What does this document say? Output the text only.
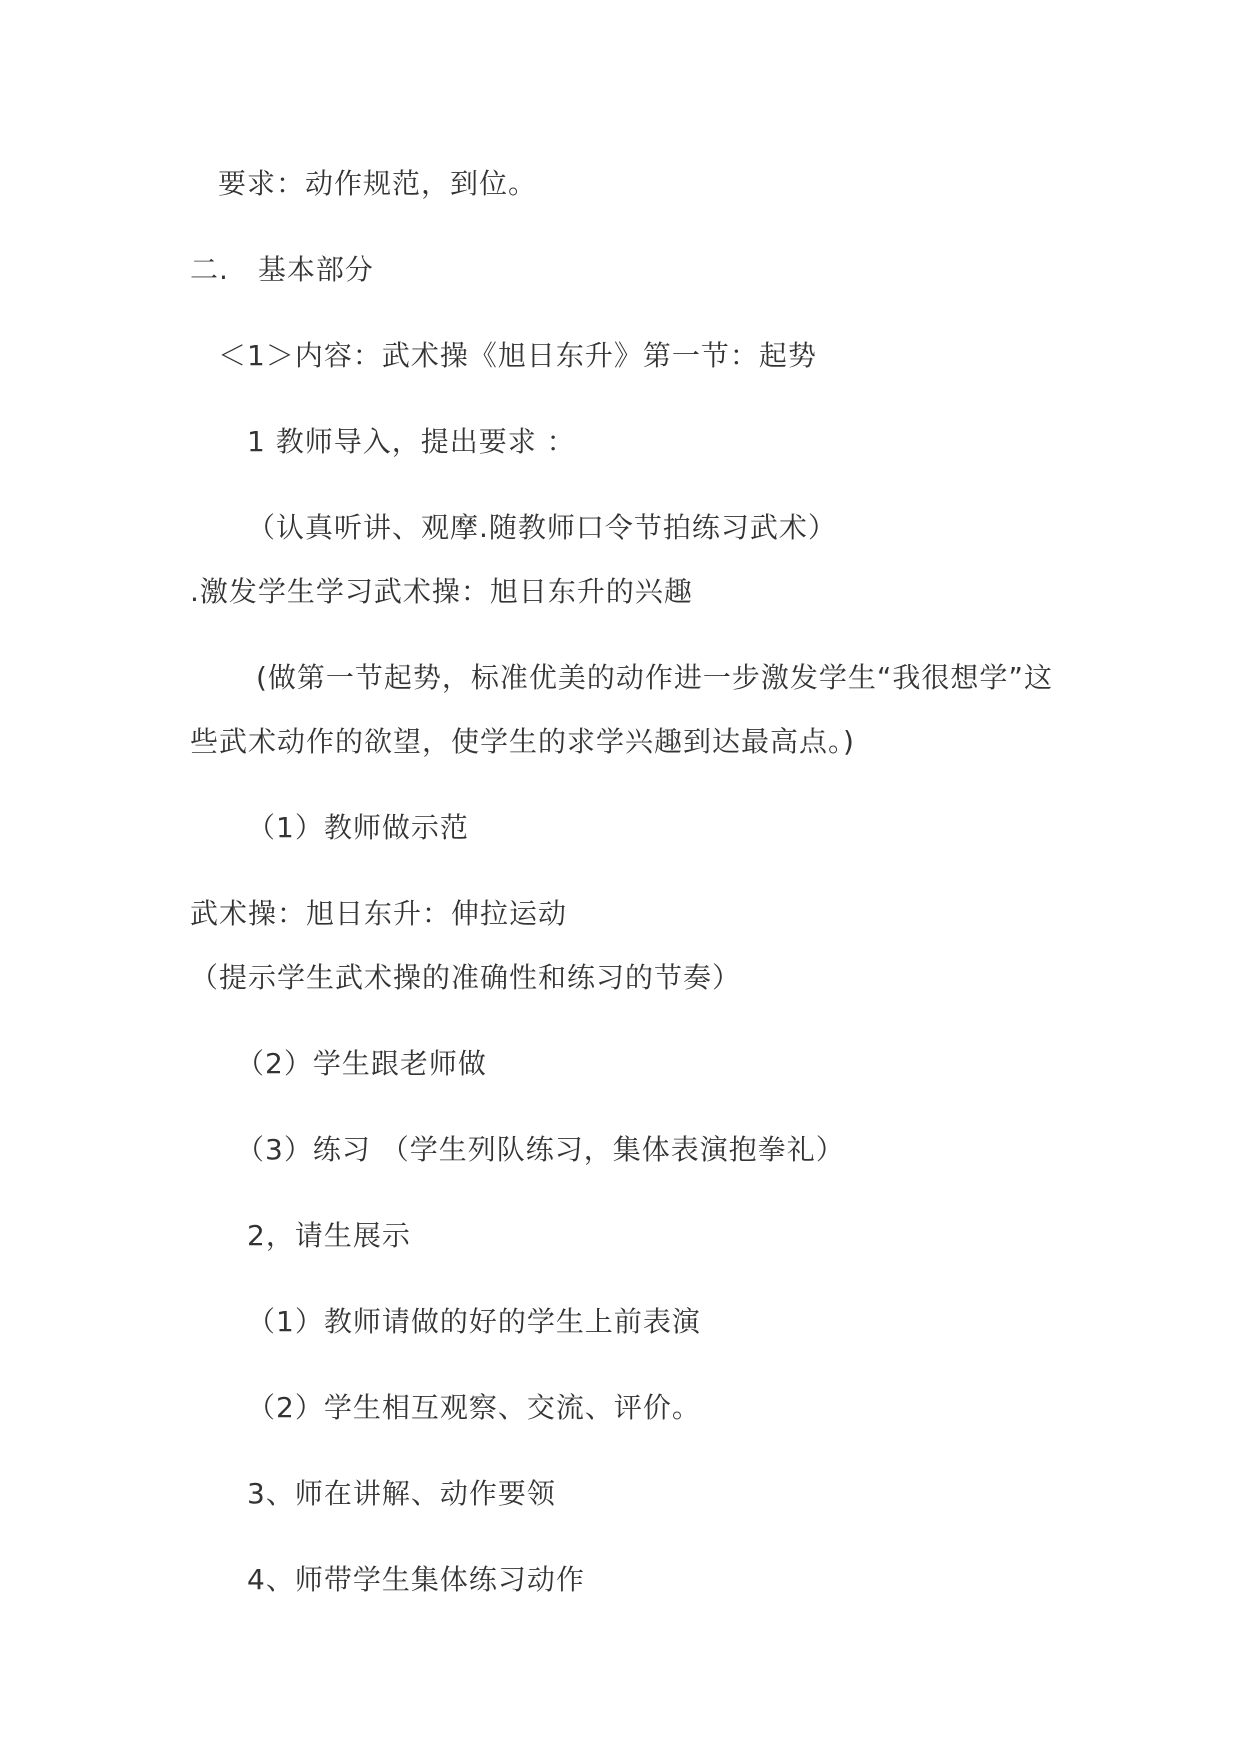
要求：动作规范，到位。
二.　基本部分
＜1＞内容：武术操《旭日东升》第一节：起势
1 教师导入，提出要求 ：
（认真听讲、观摩.随教师口令节拍练习武术）
.激发学生学习武术操：旭日东升的兴趣
(做第一节起势，标准优美的动作进一步激发学生“我很想学”这
些武术动作的欲望，使学生的求学兴趣到达最高点。)
（1）教师做示范
武术操：旭日东升：伸拉运动
（提示学生武术操的准确性和练习的节奏）
（2）学生跟老师做
（3）练习 （学生列队练习，集体表演抱拳礼）
2，请生展示
（1）教师请做的好的学生上前表演
（2）学生相互观察、交流、评价。
3、师在讲解、动作要领
4、师带学生集体练习动作
